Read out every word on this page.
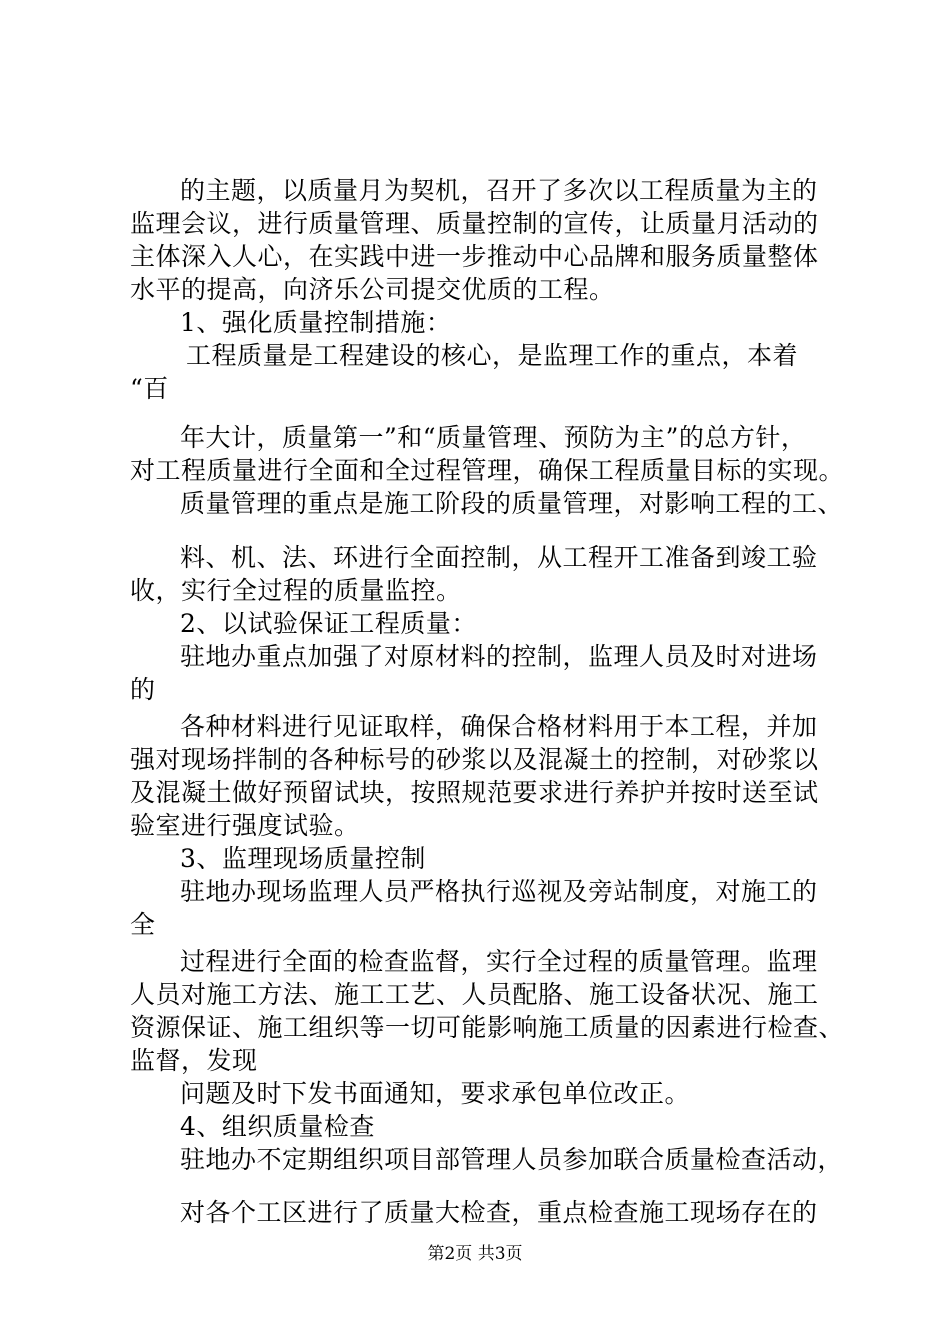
的主题，以质量月为契机，召开了多次以工程质量为主的
监理会议，进行质量管理、质量控制的宣传，让质量月活动的
主体深入人心，在实践中进一步推动中心品牌和服务质量整体
水平的提高，向济乐公司提交优质的工程。
1、强化质量控制措施：
工程质量是工程建设的核心，是监理工作的重点，本着
“百
年大计，质量第一”和“质量管理、预防为主”的总方针，
对工程质量进行全面和全过程管理，确保工程质量目标的实现。
质量管理的重点是施工阶段的质量管理，对影响工程的工、
料、机、法、环进行全面控制，从工程开工准备到竣工验
收，实行全过程的质量监控。
2、以试验保证工程质量：
驻地办重点加强了对原材料的控制，监理人员及时对进场
的
各种材料进行见证取样，确保合格材料用于本工程，并加
强对现场拌制的各种标号的砂浆以及混凝土的控制，对砂浆以
及混凝土做好预留试块，按照规范要求进行养护并按时送至试
验室进行强度试验。
3、监理现场质量控制
驻地办现场监理人员严格执行巡视及旁站制度，对施工的
全
过程进行全面的检查监督，实行全过程的质量管理。监理
人员对施工方法、施工工艺、人员配胳、施工设备状况、施工
资源保证、施工组织等一切可能影响施工质量的因素进行检查、
监督，发现
问题及时下发书面通知，要求承包单位改正。
4、组织质量检查
驻地办不定期组织项目部管理人员参加联合质量检查活动，
对各个工区进行了质量大检查，重点检查施工现场存在的
第2页 共3页
